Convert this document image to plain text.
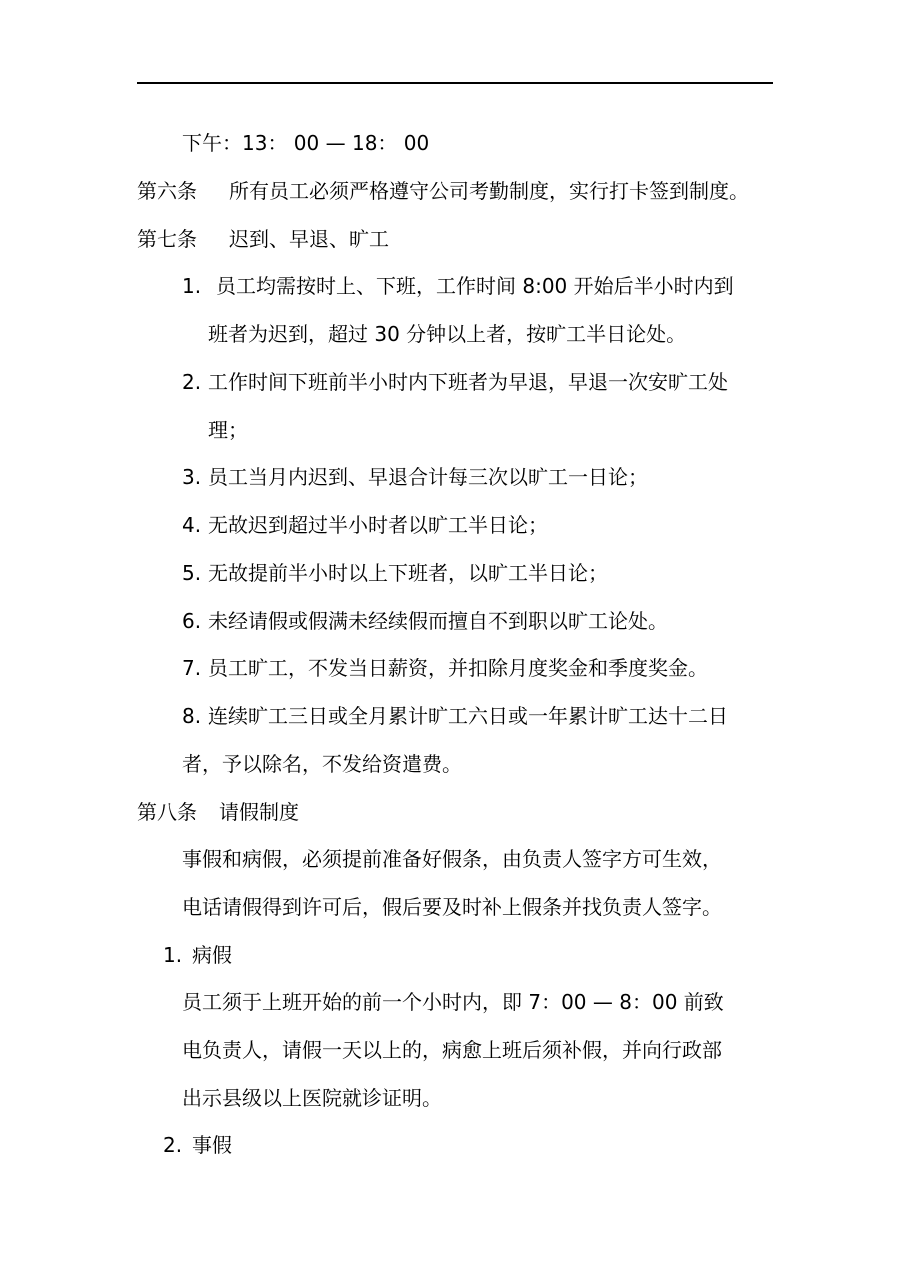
下午：13： 00 — 18： 00
第六条 所有员工必须严格遵守公司考勤制度，实行打卡签到制度。
第七条 迟到、早退、旷工
1. 员工均需按时上、下班，工作时间 8:00 开始后半小时内到
班者为迟到，超过 30 分钟以上者，按旷工半日论处。
2. 工作时间下班前半小时内下班者为早退，早退一次安旷工处
理；
3. 员工当月内迟到、早退合计每三次以旷工一日论；
4. 无故迟到超过半小时者以旷工半日论；
5. 无故提前半小时以上下班者，以旷工半日论；
6. 未经请假或假满未经续假而擅自不到职以旷工论处。
7. 员工旷工，不发当日薪资，并扣除月度奖金和季度奖金。
8. 连续旷工三日或全月累计旷工六日或一年累计旷工达十二日
者，予以除名，不发给资遣费。
第八条 请假制度
事假和病假，必须提前准备好假条，由负责人签字方可生效，
电话请假得到许可后，假后要及时补上假条并找负责人签字。
1. 病假
员工须于上班开始的前一个小时内，即 7：00 — 8：00 前致
电负责人，请假一天以上的，病愈上班后须补假，并向行政部
出示县级以上医院就诊证明。
2. 事假
